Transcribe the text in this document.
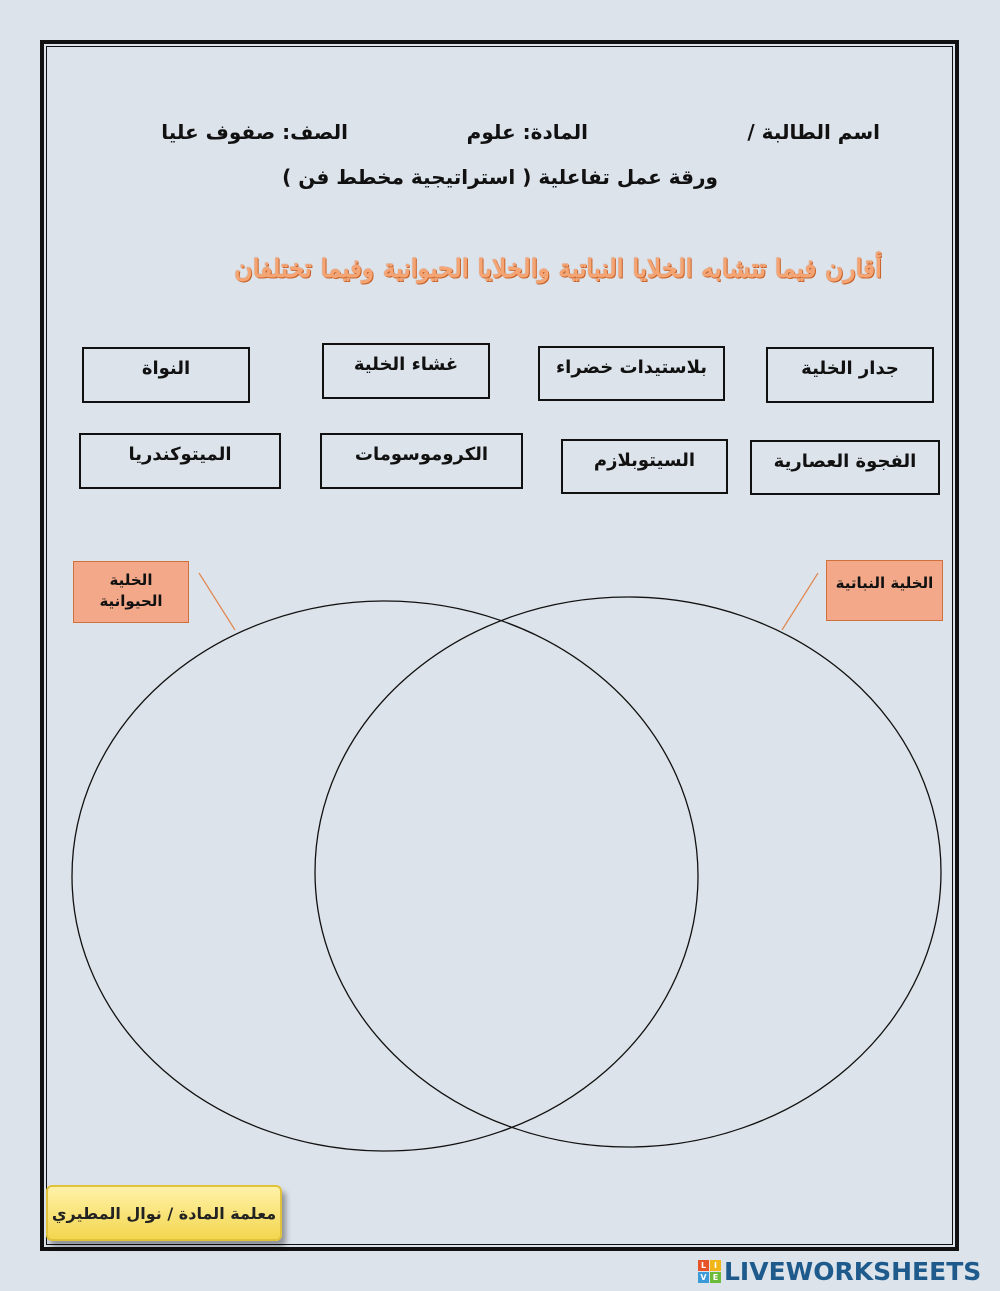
اسم الطالبة /
المادة: علوم
الصف: صفوف عليا
ورقة عمل تفاعلية ( استراتيجية مخطط فن )
أقارن فيما تتشابه الخلايا النباتية والخلايا الحيوانية وفيما تختلفان
جدار الخلية
بلاستيدات خضراء
غشاء الخلية
النواة
الفجوة العصارية
السيتوبلازم
الكروموسومات
الميتوكندريا
الخلية
الحيوانية
الخلية النباتية
معلمة المادة / نوال المطيري
L I
V E LIVEWORKSHEETS
